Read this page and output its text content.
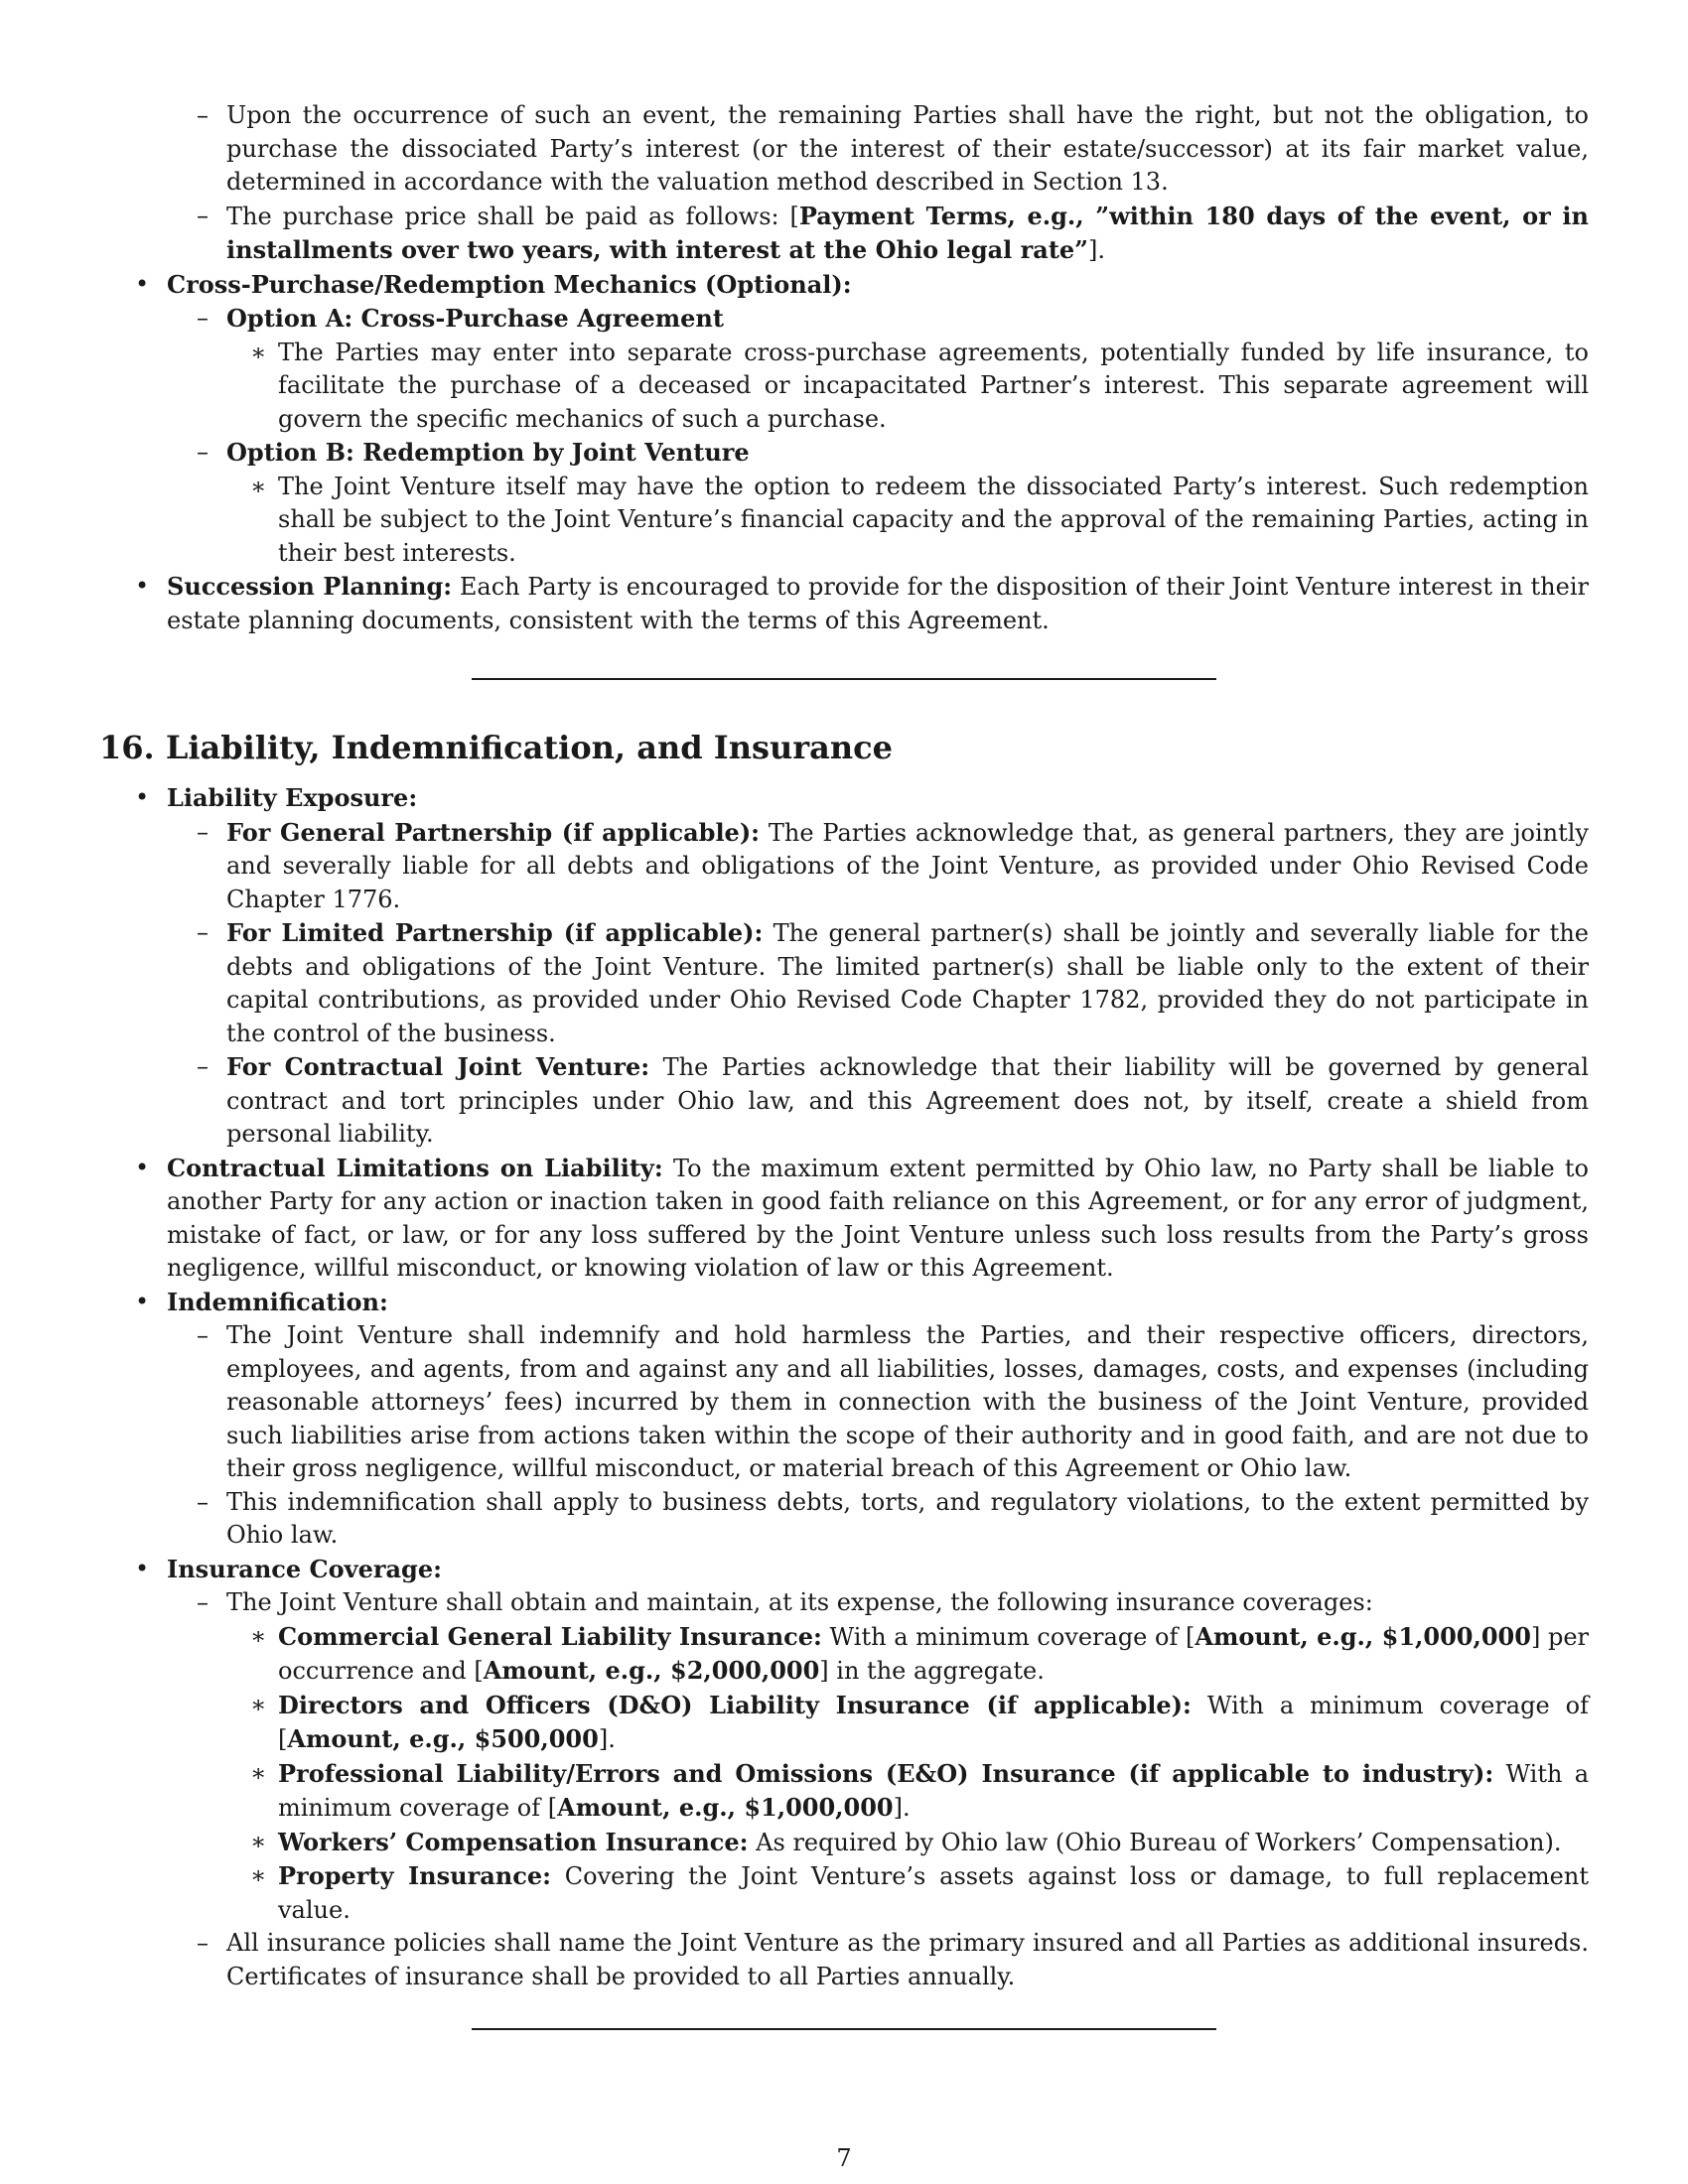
– Upon the occurrence of such an event, the remaining Parties shall have the right, but not the obligation, to purchase the dissociated Party’s interest (or the interest of their estate/successor) at its fair market value, determined in accordance with the valuation method described in Section 13.
– The purchase price shall be paid as follows: [Payment Terms, e.g., ”within 180 days of the event, or in installments over two years, with interest at the Ohio legal rate”].
• Cross-Purchase/Redemption Mechanics (Optional):
– Option A: Cross-Purchase Agreement
∗ The Parties may enter into separate cross-purchase agreements, potentially funded by life insurance, to facilitate the purchase of a deceased or incapacitated Partner’s interest. This separate agreement will govern the specific mechanics of such a purchase.
– Option B: Redemption by Joint Venture
∗ The Joint Venture itself may have the option to redeem the dissociated Party’s interest. Such redemption shall be subject to the Joint Venture’s financial capacity and the approval of the remaining Parties, acting in their best interests.
• Succession Planning: Each Party is encouraged to provide for the disposition of their Joint Venture interest in their estate planning documents, consistent with the terms of this Agreement.
16. Liability, Indemnification, and Insurance
• Liability Exposure:
– For General Partnership (if applicable): The Parties acknowledge that, as general partners, they are jointly and severally liable for all debts and obligations of the Joint Venture, as provided under Ohio Revised Code Chapter 1776.
– For Limited Partnership (if applicable): The general partner(s) shall be jointly and severally liable for the debts and obligations of the Joint Venture. The limited partner(s) shall be liable only to the extent of their capital contributions, as provided under Ohio Revised Code Chapter 1782, provided they do not participate in the control of the business.
– For Contractual Joint Venture: The Parties acknowledge that their liability will be governed by general contract and tort principles under Ohio law, and this Agreement does not, by itself, create a shield from personal liability.
• Contractual Limitations on Liability: To the maximum extent permitted by Ohio law, no Party shall be liable to another Party for any action or inaction taken in good faith reliance on this Agreement, or for any error of judgment, mistake of fact, or law, or for any loss suffered by the Joint Venture unless such loss results from the Party’s gross negligence, willful misconduct, or knowing violation of law or this Agreement.
• Indemnification:
– The Joint Venture shall indemnify and hold harmless the Parties, and their respective officers, directors, employees, and agents, from and against any and all liabilities, losses, damages, costs, and expenses (including reasonable attorneys’ fees) incurred by them in connection with the business of the Joint Venture, provided such liabilities arise from actions taken within the scope of their authority and in good faith, and are not due to their gross negligence, willful misconduct, or material breach of this Agreement or Ohio law.
– This indemnification shall apply to business debts, torts, and regulatory violations, to the extent permitted by Ohio law.
• Insurance Coverage:
– The Joint Venture shall obtain and maintain, at its expense, the following insurance coverages:
∗ Commercial General Liability Insurance: With a minimum coverage of [Amount, e.g., $1,000,000] per occurrence and [Amount, e.g., $2,000,000] in the aggregate.
∗ Directors and Officers (D&O) Liability Insurance (if applicable): With a minimum coverage of [Amount, e.g., $500,000].
∗ Professional Liability/Errors and Omissions (E&O) Insurance (if applicable to industry): With a minimum coverage of [Amount, e.g., $1,000,000].
∗ Workers’ Compensation Insurance: As required by Ohio law (Ohio Bureau of Workers’ Compensation).
∗ Property Insurance: Covering the Joint Venture’s assets against loss or damage, to full replacement value.
– All insurance policies shall name the Joint Venture as the primary insured and all Parties as additional insureds. Certificates of insurance shall be provided to all Parties annually.
7
